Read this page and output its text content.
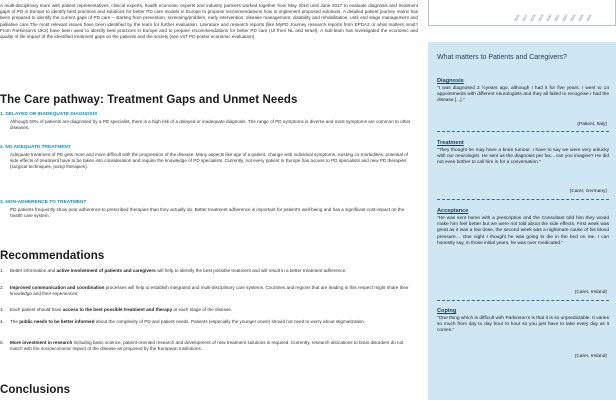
A multi-disciplinary team with patient representatives, clinical experts, health economic experts and industry partners worked together from May 2016 until June 2017 to evaluate diagnosis and treatment gaps of PD in Europe to identify best practices and solutions for better PD care models in Europe to propose recommendations how to implement proposed solutions. A detailed patient journey matrix has been prepared to identify the current gaps of PD care – starting from prevention, screening/problem, early intervention, disease management, disability and rehabilitation, until end stage management and palliative care.The most relevant issues have been identified by the team for further evaluation. Literature and research reports (like MyPD Journey research reports from EPDA2 or what matters most? From Parkinson's UK2) have been used to identify best practices in Europe and to prepare recommendations for better PD care (UI from NL and Israel). A sub-team has investigated the economic and quality of life impact of the identified treatment gaps on the patients and the society (see VoT PD poster economic evaluation).

The Care pathway: Treatment Gaps and Unmet Needs
1. DELAYED OR INADEQUATE DIAGNOSIS

Although 50% of patients are diagnosed by a PD specialist, there is a high risk of a delayed or inadequate diagnosis. The range of PD symptoms is diverse and most symptoms are common to other diseases.

2. NO ADEQUATE TREATMENT

Adequate treatment of PD gets more and more difficult with the progression of the disease. Many aspects like age of a patient, change with individual symptoms, existing co-morbidities, potential of side effects of treatment have to be taken into consideration and require the knowledge of PD specialists. Currently, not every patient in Europe has access to PD specialists and new PD therapies (surgical techniques, pump therapies).

3. NON-ADHERENCE TO TREATMENT

PD patients frequently show poor adherence to prescribed therapies than they actually do. Better treatment adherence is important for patient's well-being and has a significant cost impact on the health care system.

Recommendations
1. Better information and active involvement of patients and caregivers will help to identify the best possible treatment and will result in a better treatment adherence.
2. Improved communication and coordination processes will help to establish integrated and multi-disciplinary care systems. Countries and regions that are leading in this respect might share their knowledge and their experiences.
3. Each patient should have access to the best possible treatment and therapy at each stage of the disease.
4. The public needs to be better informed about the complexity of PD and patient needs. Patients (especially the younger ones!) should not need to worry about stigmatization.
5. More investment in research including basic science, patient-oriented research and development of new treatment solutions is required. Currently, research allocations to brain disorders do not match with the socioeconomic impact of the disease as proposed by the European Institutions.
Conclusions
2016 2017 2018 2019 2020 2021 2022 2023 2024 2025
What matters to Patients and Caregivers?
Diagnosis

"I was diagnosed 2 ½years ago, although I had it for five years. I went to 14 appointments with different neurologists and they all failed to recognise I had the disease [...]."

(Patient, Italy)
Treatment

"They thought he may have a brain tumour. I have to say we were very unlucky with our neurologist. He sent us the diagnosis per fax…can you imagine? He did not even bother to call him in for a conversation."

(Carer, Germany)
Acceptance

"He was sent home with a prescription and the Consultant told him they would make him feel better but we were not told about the side effects. First week was great as it was a low dose, the second week was a nightmare cause of his blood pressure… One night I thought he was going to die in the bed on me. I can honestly say, in those initial years, he was over medicated."

(Carer, Ireland)
Coping

"One thing which is difficult with Parkinson's is that it is so unpredictable. It varies so much from day to day hour to hour so you just have to take every day as it comes."

(Carer, Ireland)
